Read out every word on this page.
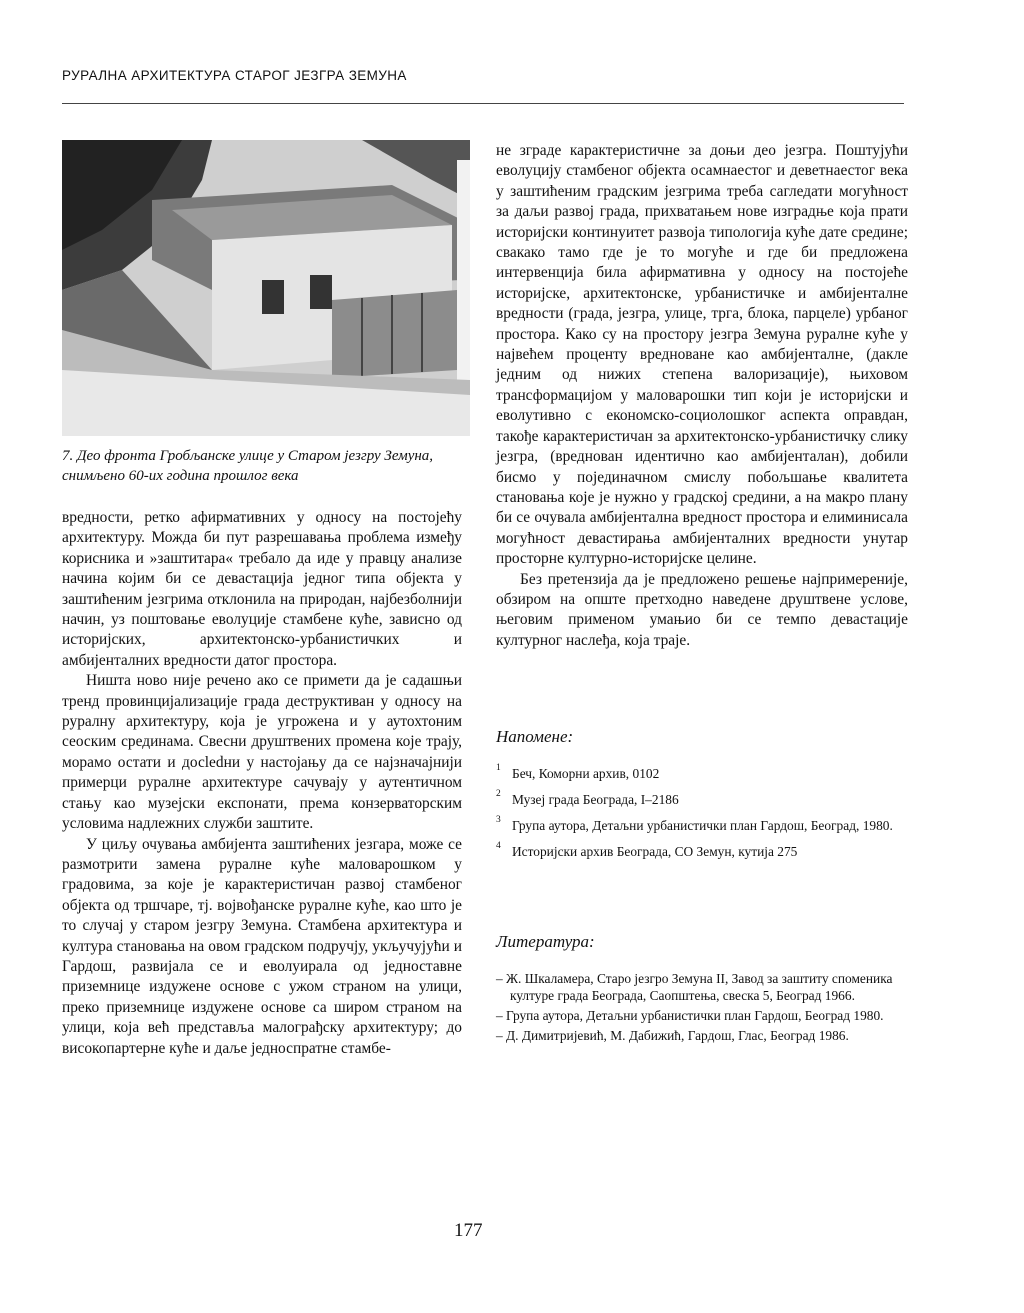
РУРАЛНА АРХИТЕКТУРА СТАРОГ ЈЕЗГРА ЗЕМУНА
7. Део фронта Гробљанске улице у Старом језгру Земуна,
снимљено 60-их година прошлог века

вредности, ретко афирмативних у односу на постојећу архитектуру. Можда би пут разрешавања проблема између корисника и »заштитара« требало да иде у правцу анализе начина којим би се девастација једног типа објекта у заштићеним језгрима отклонила на природан, најбезболнији начин, уз поштовање еволуције стамбене куће, зависно од историјских, архитектонско-урбанистичких и амбијенталних вредности датог простора.

Ништа ново није речено ако се примети да је садашњи тренд провинцијализације града деструктиван у односу на руралну архитектуру, која је угрожена и у аутохтоним сеоским срединама. Свесни друштвених промена које трају, морамо остати и досledни у настојању да се најзначајнији примерци руралне архитектуре сачувају у аутентичном стању као музејски експонати, према конзерваторским условима надлежних служби заштите.

У циљу очувања амбијента заштићених језгара, може се размотрити замена руралне куће маловарошком у градовима, за које је карактеристичан развој стамбеног објекта од тршчаре, тј. војвођанске руралне куће, као што је то случај у старом језгру Земуна. Стамбена архитектура и култура становања на овом градском подручју, укључујући и Гардош, развијала се и еволуирала од једноставне приземнице издужене основе с ужом страном на улици, преко приземнице издужене основе са широм страном на улици, која већ представља малограђску архитектуру; до високопартерне куће и даље једноспратне стамбе-

не зграде карактеристичне за доњи део језгра. Поштујући еволуцију стамбеног објекта осамнаестог и деветнаестог века у заштићеним градским језгрима треба сагледати могућност за даљи развој града, прихватањем нове изградње која прати историјски континуитет развоја типологија куће дате средине; свакако тамо где је то могуће и где би предложена интервенција била афирмативна у односу на постојеће историјске, архитектонске, урбанистичке и амбијенталне вредности (града, језгра, улице, трга, блока, парцеле) урбаног простора. Како су на простору језгра Земуна руралне куће у највећем проценту вредноване као амбијенталне, (дакле једним од нижих степена валоризације), њиховом трансформацијом у маловарошки тип који је историјски и еволутивно с економско-социолошког аспекта оправдан, такође карактеристичан за архитектонско-урбанистичку слику језгра, (вреднован идентично као амбијенталан), добили бисмо у појединачном смислу побољшање квалитета становања које је нужно у градској средини, а на макро плану би се очувала амбијентална вредност простора и елиминисала могућност девастирања амбијенталних вредности унутар просторне културно-историјске целине.

Без претензија да је предложено решење најпримереније, обзиром на опште претходно наведене друштвене услове, његовим применом умањио би се темпо девастације културног наслеђа, која траје.

Напомене:

1 Беч, Коморни архив, 0102
2 Музеј града Београда, I–2186
3 Група аутора, Детаљни урбанистички план Гардош, Београд, 1980.
4 Историјски архив Београда, СО Земун, кутија 275

Литература:

– Ж. Шкаламера, Старо језгро Земуна II, Завод за заштиту споменика културе града Београда, Саопштења, свеска 5, Београд 1966.
– Група аутора, Детаљни урбанистички план Гардош, Београд 1980.
– Д. Димитријевић, М. Дабижић, Гардош, Глас, Београд 1986.
177
